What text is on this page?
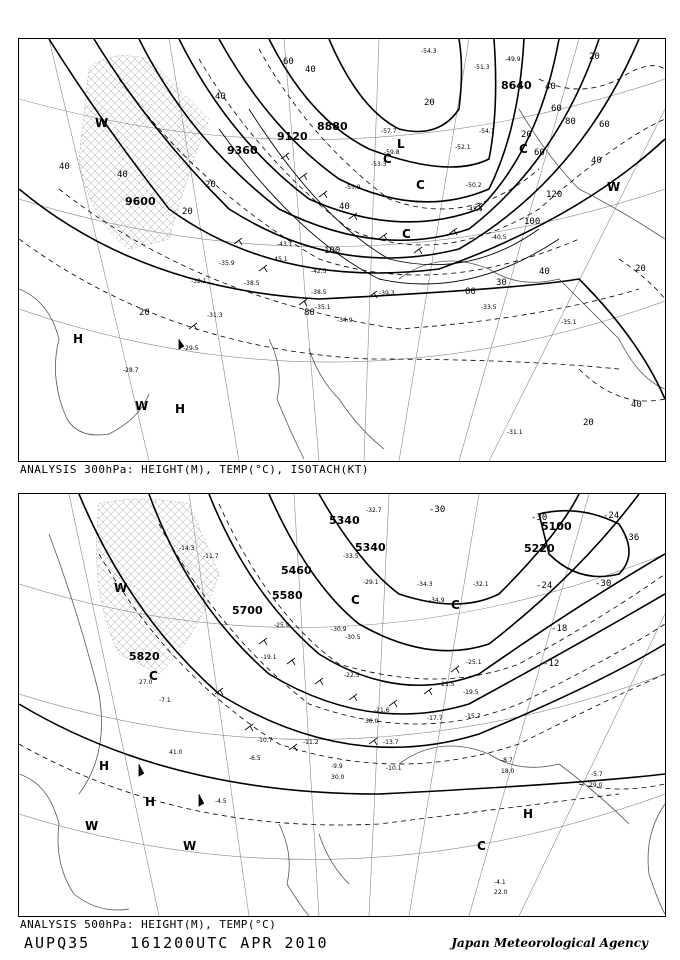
9600
9360
9120
8880
8640
40
40
20
20
40
40
60
40
100
80
20
20
20
40
60
60
80
120
100
40
40
60
20
80
30
20
20
40
-55.9
-53.3
-52.1
-54.1
-50.2
-45.1
-40.5
-45.1
-43.1
-38.5
-35.1
-39.3
-34.9
-33.5
-32.1
-31.3
-29.5
-28.7
-35.1
-31.1
-59.8
-57.7
-54.3
-51.3
-49.9
-38.5
-35.9
-42.5
L
C
C
C
C
W
W
W
H
H
ANALYSIS 300hPa: HEIGHT(M), TEMP(°C), ISOTACH(KT)
5820
5700
5580
5460
5340
5340	5220
5100
-36
-30
-24
-18
-12
-24
-30
-30
-32.7
-33.5
-34.3
-34.9
-32.1
-29.1
-30.5
-30.9
-25.9
-22.5
-21.6
-21.5
-25.1
-19.5
-15.7
-17.7
-13.7
-10.1
-11.2
-10.7
-9.9
-8.7
-5.7
-7.1
-4.5
-6.5
-19.1
-14.3
-11.7
-4.1
29.0
18.0
30.0
30.0
22.0
41.0
27.0
C	C
C
C
H
H
H
W
W
W
ANALYSIS 500hPa: HEIGHT(M), TEMP(°C)
AUPQ35	161200UTC APR 2010	Japan Meteorological Agency
